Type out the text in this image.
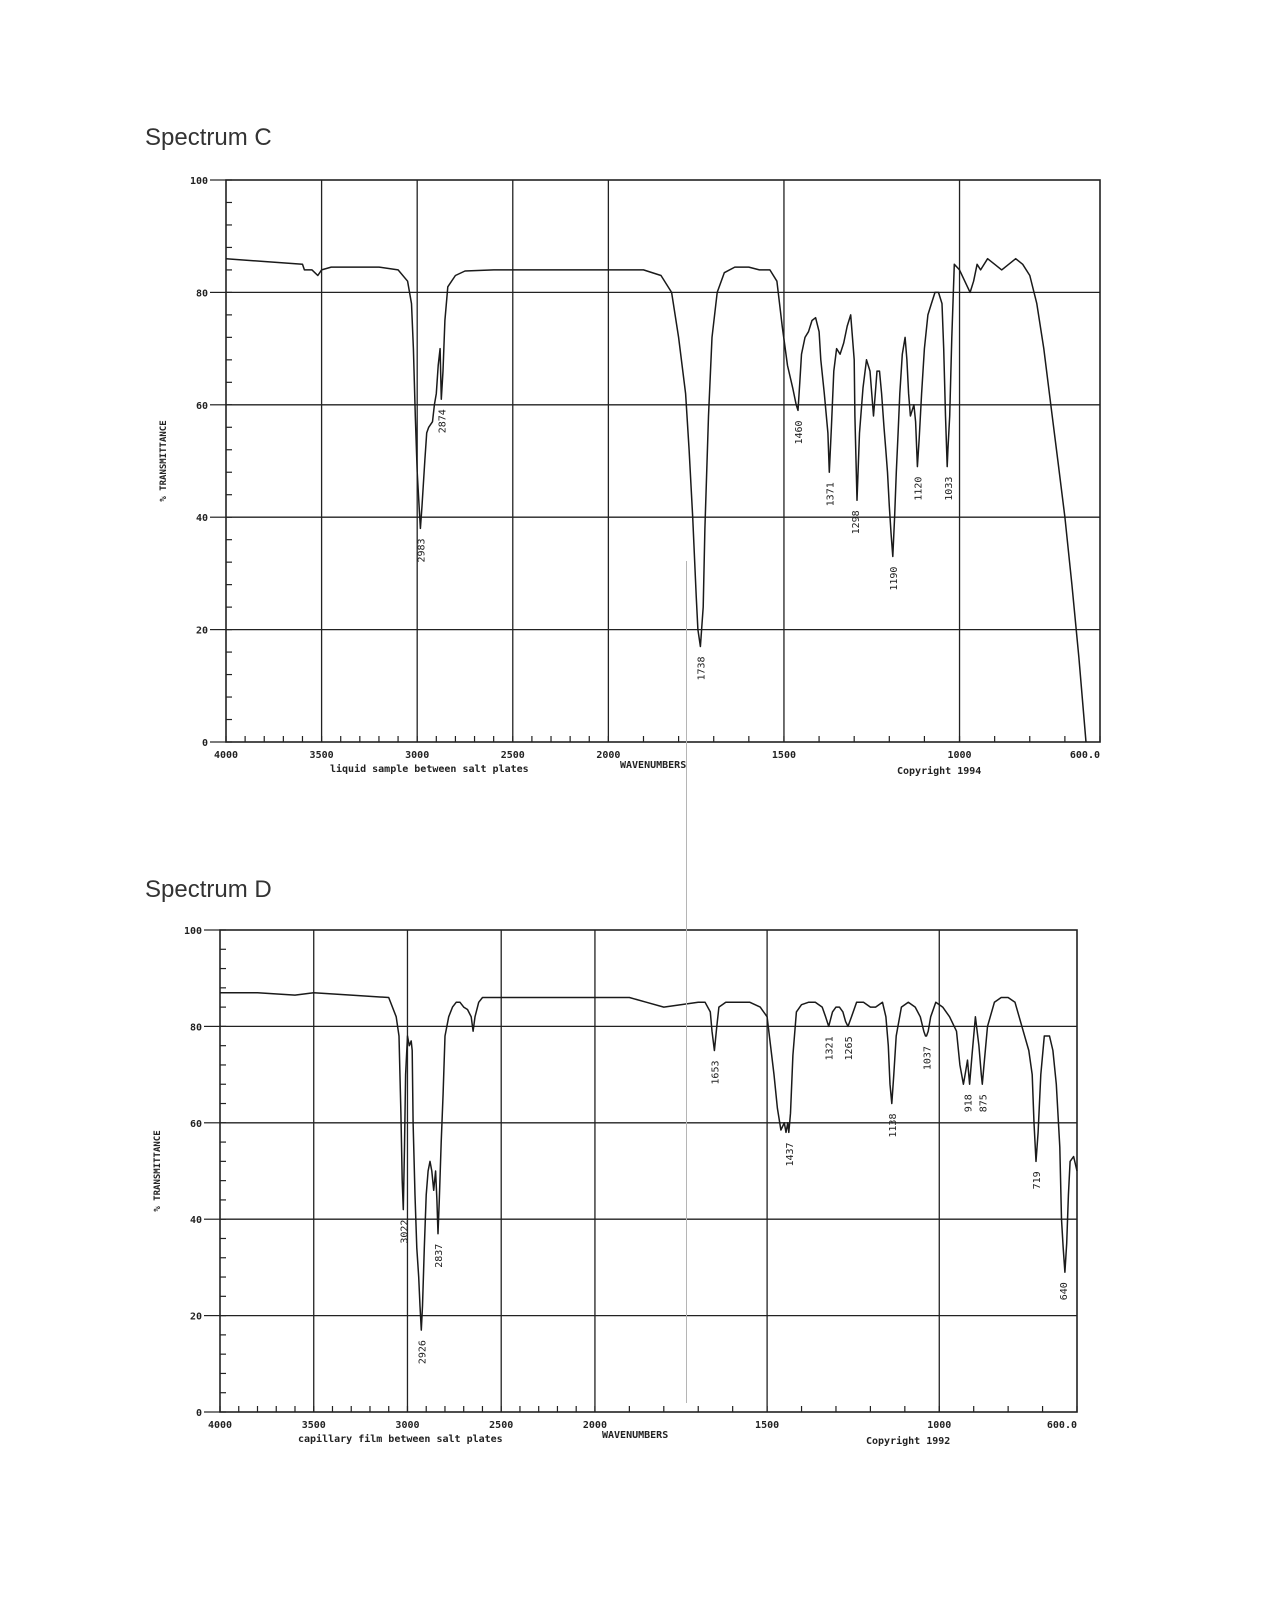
Spectrum C
0
20
40
60
80
100
4000	3500	3000	2500	2000	1500	1000	600.0
% TRANSMITTANCE
liquid sample between salt plates	WAVENUMBERS
Copyright 1994
2983
2874
1738
1460
1371
1298
1190
1120 1033
Spectrum D
0
20
40
60
80
100
4000	3500	3000	2500	2000	1500	1000	600.0
% TRANSMITTANCE
capillary film between salt plates	WAVENUMBERS
Copyright 1992
3022
2926
2837
1653
1437
1321 1265
1138
1037
918 875
719
640
